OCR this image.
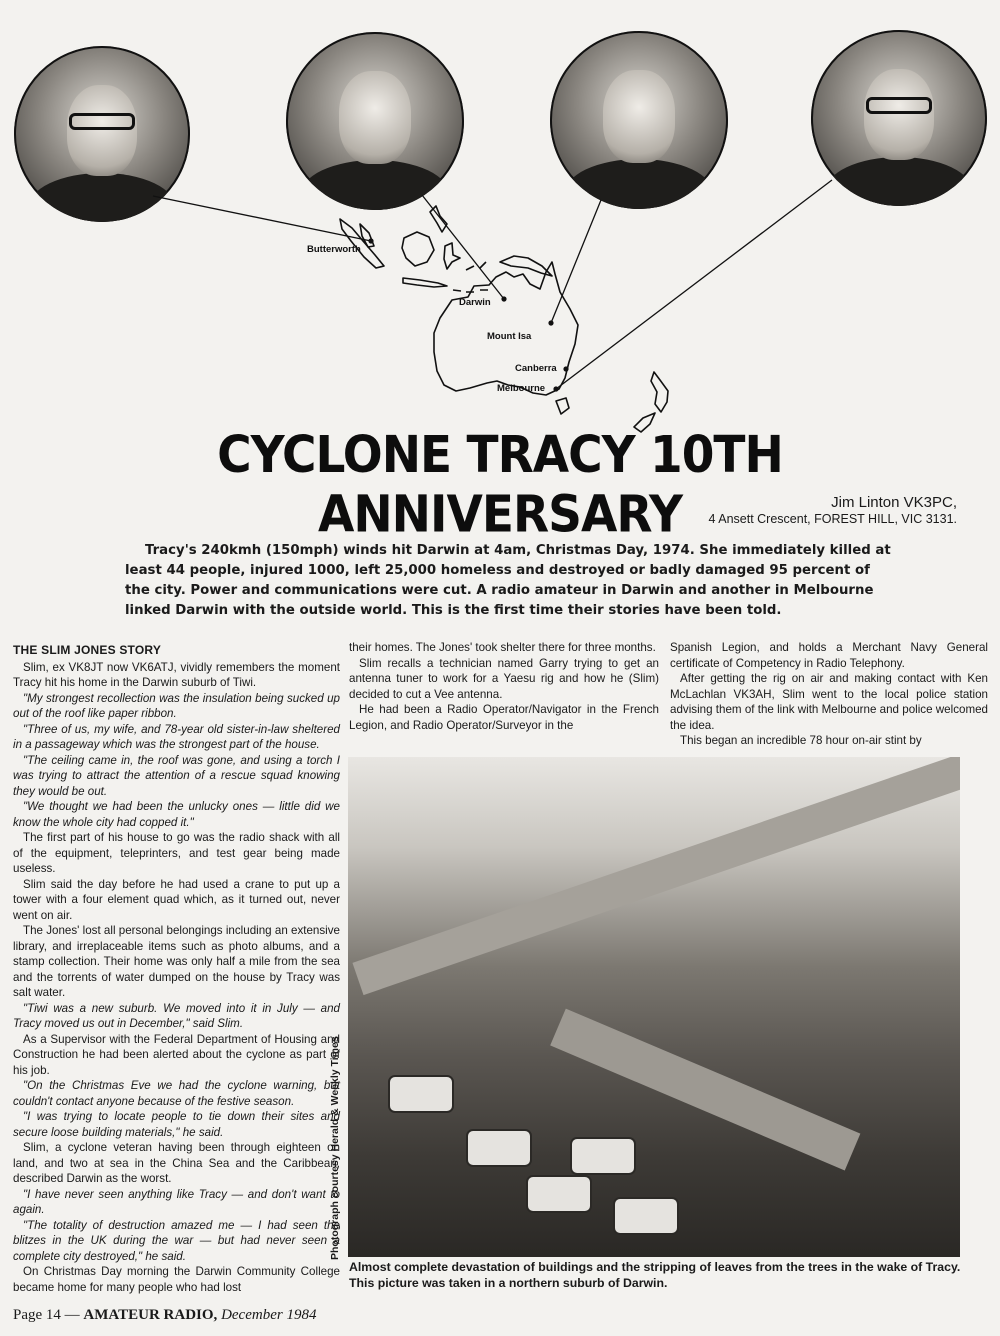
Butterworth
Darwin
Mount Isa
Canberra
Melbourne
CYCLONE TRACY 10TH ANNIVERSARY	Jim Linton VK3PC,
4 Ansett Crescent, FOREST HILL, VIC 3131.

Tracy's 240kmh (150mph) winds hit Darwin at 4am, Christmas Day, 1974. She immediately killed at least 44 people, injured 1000, left 25,000 homeless and destroyed or badly damaged 95 percent of the city. Power and communications were cut. A radio amateur in Darwin and another in Melbourne linked Darwin with the outside world. This is the first time their stories have been told.

THE SLIM JONES STORY

Slim, ex VK8JT now VK6ATJ, vividly remembers the moment Tracy hit his home in the Darwin suburb of Tiwi.

"My strongest recollection was the insulation being sucked up out of the roof like paper ribbon.

"Three of us, my wife, and 78-year old sister-in-law sheltered in a passageway which was the strongest part of the house.

"The ceiling came in, the roof was gone, and using a torch I was trying to attract the attention of a rescue squad knowing they would be out.

"We thought we had been the unlucky ones — little did we know the whole city had copped it."

The first part of his house to go was the radio shack with all of the equipment, teleprinters, and test gear being made useless.

Slim said the day before he had used a crane to put up a tower with a four element quad which, as it turned out, never went on air.

The Jones' lost all personal belongings including an extensive library, and irreplaceable items such as photo albums, and a stamp collection. Their home was only half a mile from the sea and the torrents of water dumped on the house by Tracy was salt water.

"Tiwi was a new suburb. We moved into it in July — and Tracy moved us out in December," said Slim.

As a Supervisor with the Federal Department of Housing and Construction he had been alerted about the cyclone as part of his job.

"On the Christmas Eve we had the cyclone warning, but couldn't contact anyone because of the festive season.

"I was trying to locate people to tie down their sites and secure loose building materials," he said.

Slim, a cyclone veteran having been through eighteen on land, and two at sea in the China Sea and the Caribbean, described Darwin as the worst.

"I have never seen anything like Tracy — and don't want to again.

"The totality of destruction amazed me — I had seen the blitzes in the UK during the war — but had never seen a complete city destroyed," he said.

On Christmas Day morning the Darwin Community College became home for many people who had lost

their homes. The Jones' took shelter there for three months.

Slim recalls a technician named Garry trying to get an antenna tuner to work for a Yaesu rig and how he (Slim) decided to cut a Vee antenna.

He had been a Radio Operator/Navigator in the French Legion, and Radio Operator/Surveyor in the

Spanish Legion, and holds a Merchant Navy General certificate of Competency in Radio Telephony.

After getting the rig on air and making contact with Ken McLachlan VK3AH, Slim went to the local police station advising them of the link with Melbourne and police welcomed the idea.

This began an incredible 78 hour on-air stint by

Photograph courtesy Herald & Weekly Times

Almost complete devastation of buildings and the stripping of leaves from the trees in the wake of Tracy. This picture was taken in a northern suburb of Darwin.

Page 14 — AMATEUR RADIO, December 1984
